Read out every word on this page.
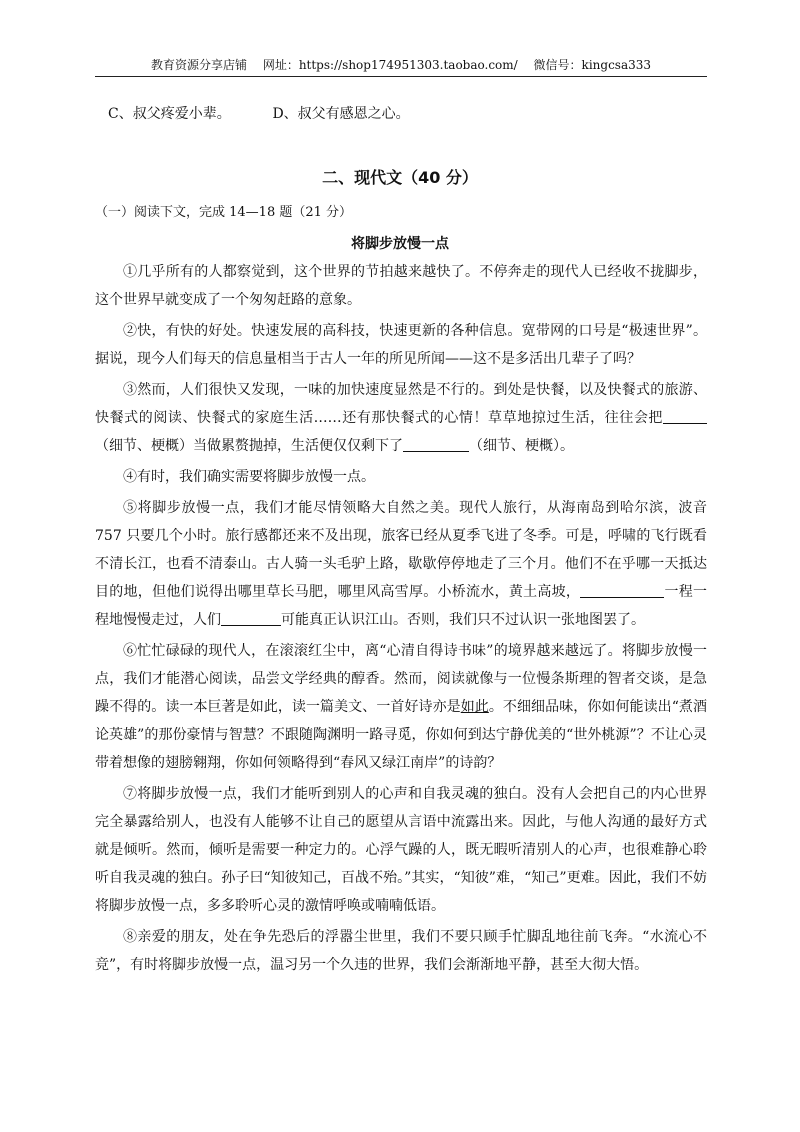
教育资源分享店铺 网址：https://shop174951303.taobao.com/ 微信号：kingcsa333
C、叔父疼爱小辈。	D、叔父有感恩之心。
二、现代文（40 分）
（一）阅读下文，完成 14—18 题（21 分）
将脚步放慢一点

①几乎所有的人都察觉到，这个世界的节拍越来越快了。不停奔走的现代人已经收不拢脚步，这个世界早就变成了一个匆匆赶路的意象。

②快，有快的好处。快速发展的高科技，快速更新的各种信息。宽带网的口号是“极速世界”。据说，现今人们每天的信息量相当于古人一年的所见所闻——这不是多活出几辈子了吗？

③然而，人们很快又发现，一味的加快速度显然是不行的。到处是快餐，以及快餐式的旅游、快餐式的阅读、快餐式的家庭生活……还有那快餐式的心情！草草地掠过生活，往往会把（细节、梗概）当做累赘抛掉，生活便仅仅剩下了	（细节、梗概）。

④有时，我们确实需要将脚步放慢一点。

⑤将脚步放慢一点，我们才能尽情领略大自然之美。现代人旅行，从海南岛到哈尔滨，波音 757 只要几个小时。旅行感都还来不及出现，旅客已经从夏季飞进了冬季。可是，呼啸的飞行既看不清长江，也看不清泰山。古人骑一头毛驴上路，歇歇停停地走了三个月。他们不在乎哪一天抵达目的地，但他们说得出哪里草长马肥，哪里风高雪厚。小桥流水，黄土高坡，	一程一程地慢慢走过，人们	可能真正认识江山。否则，我们只不过认识一张地图罢了。

⑥忙忙碌碌的现代人，在滚滚红尘中，离“心清自得诗书味”的境界越来越远了。将脚步放慢一点，我们才能潜心阅读，品尝文学经典的醇香。然而，阅读就像与一位慢条斯理的智者交谈，是急躁不得的。读一本巨著是如此，读一篇美文、一首好诗亦是如此。不细细品味，你如何能读出“煮酒论英雄”的那份豪情与智慧？不跟随陶渊明一路寻觅，你如何到达宁静优美的“世外桃源”？不让心灵带着想像的翅膀翱翔，你如何领略得到“春风又绿江南岸”的诗韵？

⑦将脚步放慢一点，我们才能听到别人的心声和自我灵魂的独白。没有人会把自己的内心世界完全暴露给别人，也没有人能够不让自己的愿望从言语中流露出来。因此，与他人沟通的最好方式就是倾听。然而，倾听是需要一种定力的。心浮气躁的人，既无暇听清别人的心声，也很难静心聆听自我灵魂的独白。孙子曰“知彼知己，百战不殆。”其实，“知彼”难，“知己”更难。因此，我们不妨将脚步放慢一点，多多聆听心灵的激情呼唤或喃喃低语。

⑧亲爱的朋友，处在争先恐后的浮嚣尘世里，我们不要只顾手忙脚乱地往前飞奔。“水流心不竞”，有时将脚步放慢一点，温习另一个久违的世界，我们会渐渐地平静，甚至大彻大悟。
